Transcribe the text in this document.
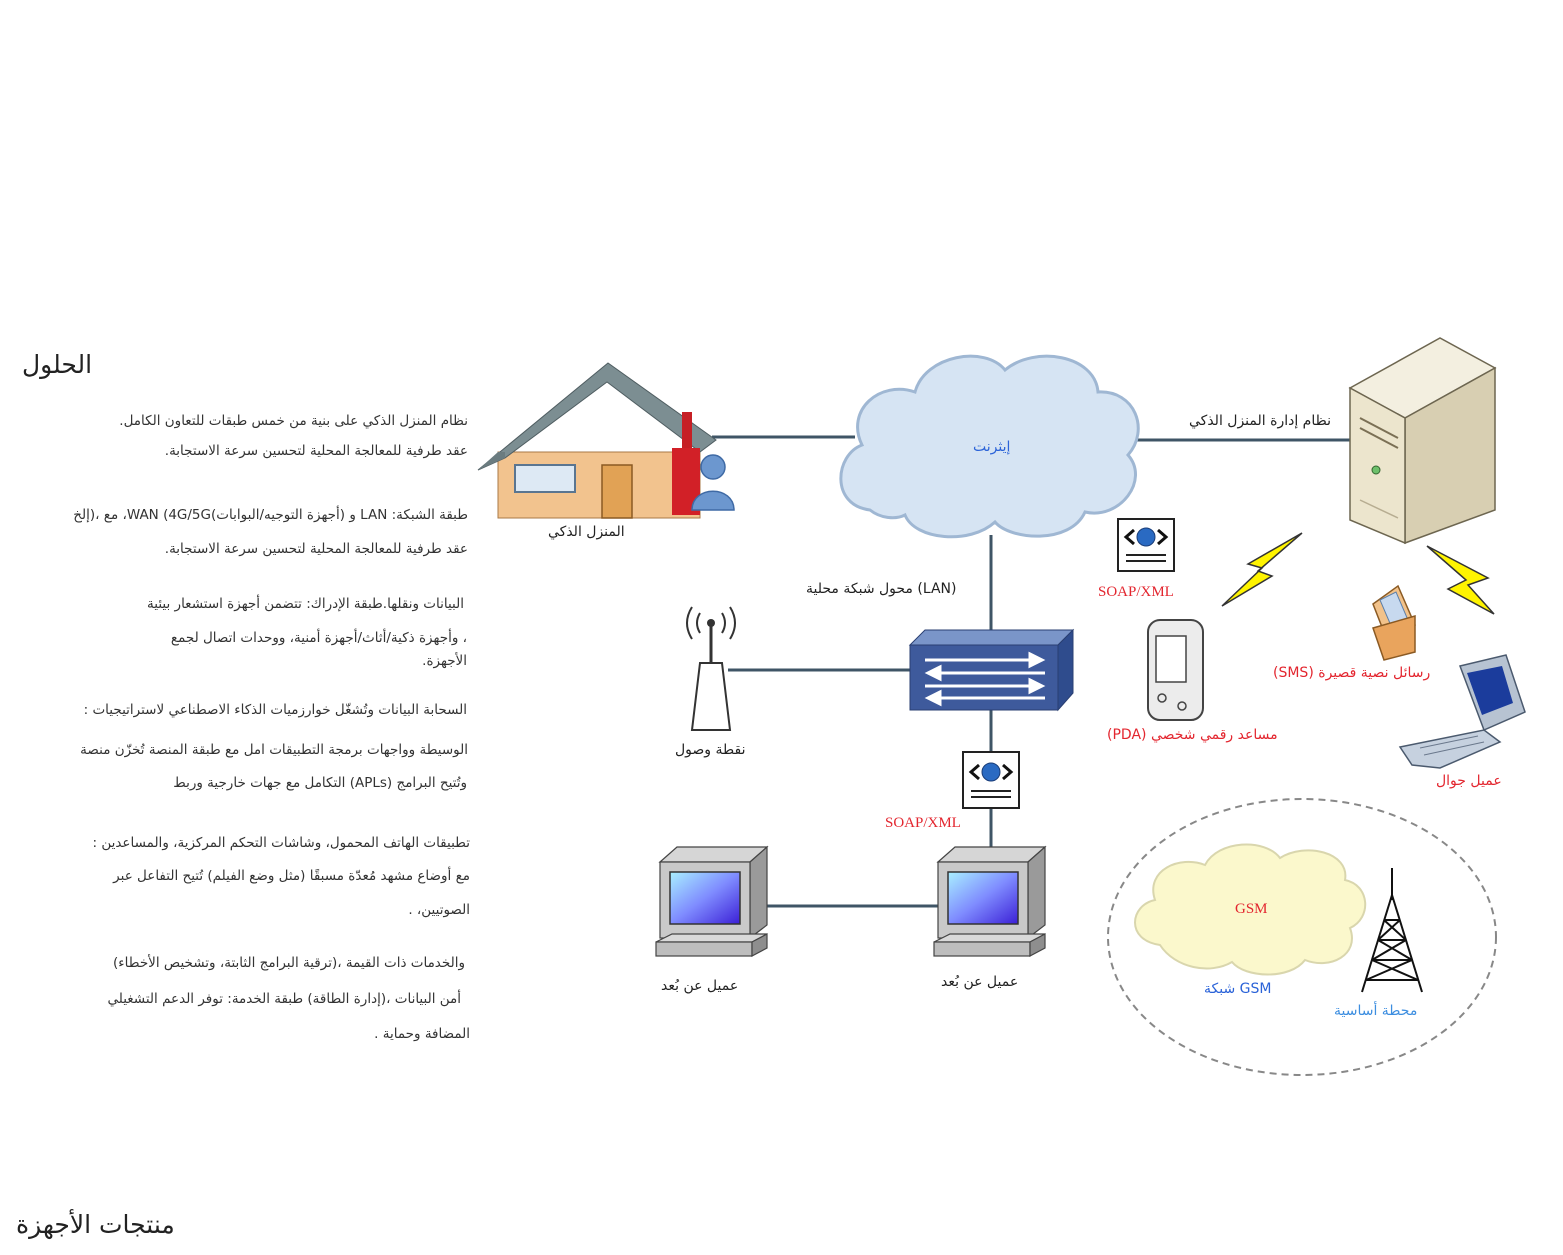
الحلول
.نظام المنزل الذكي على بنية من خمس طبقات للتعاون الكامل
.عقد طرفية للمعالجة المحلية لتحسين سرعة الاستجابة
مع ،(إلخ ،WAN (4G/5Gو (أجهزة التوجيه/البوابات) LAN :طبقة الشبكة
.عقد طرفية للمعالجة المحلية لتحسين سرعة الاستجابة
البيانات ونقلها.طبقة الإدراك: تتضمن أجهزة استشعار بيئية
وأجهزة ذكية/أثاث/أجهزة أمنية، ووحدات اتصال لجمع ،
.الأجهزة
: السحابة البيانات وتُشغّل خوارزميات الذكاء الاصطناعي لاستراتيجيات
الوسيطة وواجهات برمجة التطبيقات امل مع طبقة المنصة تُخزّن منصة
التكامل مع جهات خارجية وربط (APLs) وتُتيح البرامج
: تطبيقات الهاتف المحمول، وشاشات التحكم المركزية، والمساعدين
مع أوضاع مشهد مُعدّة مسبقًا (مثل وضع الفيلم) تُتيح التفاعل عبر
. ،الصوتيين
والخدمات ذات القيمة ،(ترقية البرامج الثابتة، وتشخيص الأخطاء)
أمن البيانات ،(إدارة الطاقة) طبقة الخدمة: توفر الدعم التشغيلي
. المضافة وحماية
منتجات الأجهزة
المنزل الذكي
إيثرنت
نظام إدارة المنزل الذكي
محول شبكة محلية (LAN)
نقطة وصول
SOAP/XML
SOAP/XML
(PDA) مساعد رقمي شخصي
(SMS) رسائل نصية قصيرة
عميل جوال
عميل عن بُعد	عميل عن بُعد
GSM
شبكة GSM
محطة أساسية
